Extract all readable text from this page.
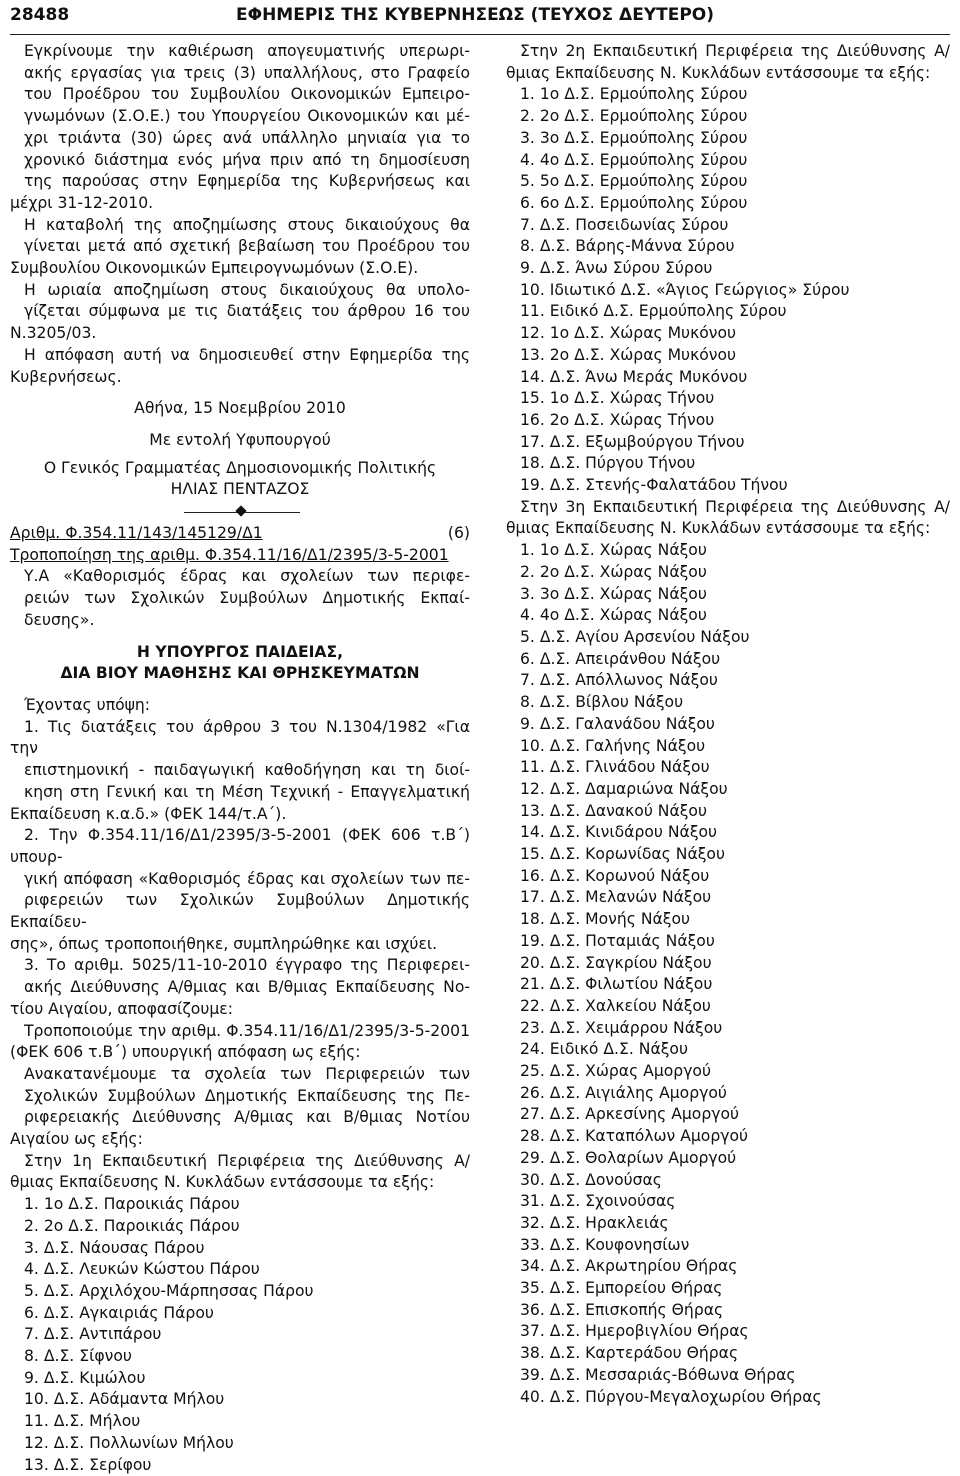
28488	ΕΦΗΜΕΡΙΣ ΤΗΣ ΚΥΒΕΡΝΗΣΕΩΣ (ΤΕΥΧΟΣ ΔΕΥΤΕΡΟ)

Εγκρίνουμε την καθιέρωση απογευματινής υπερωρι-

ακής εργασίας για τρεις (3) υπαλλήλους, στο Γραφείο

του Προέδρου του Συμβουλίου Οικονομικών Εμπειρο-

γνωμόνων (Σ.Ο.Ε.) του Υπουργείου Οικονομικών και μέ-

χρι τριάντα (30) ώρες ανά υπάλληλο μηνιαία για το

χρονικό διάστημα ενός μήνα πριν από τη δημοσίευση

της παρούσας στην Εφημερίδα της Κυβερνήσεως και

μέχρι 31-12-2010.

Η καταβολή της αποζημίωσης στους δικαιούχους θα

γίνεται μετά από σχετική βεβαίωση του Προέδρου του

Συμβουλίου Οικονομικών Εμπειρογνωμόνων (Σ.Ο.Ε).

Η ωριαία αποζημίωση στους δικαιούχους θα υπολο-

γίζεται σύμφωνα με τις διατάξεις του άρθρου 16 του

Ν.3205/03.

Η απόφαση αυτή να δημοσιευθεί στην Εφημερίδα της

Κυβερνήσεως.

Αθήνα, 15 Νοεμβρίου 2010

Με εντολή Υφυπουργού

Ο Γενικός Γραμματέας Δημοσιονομικής Πολιτικής

ΗΛΙΑΣ ΠΕΝΤΑΖΟΣ

Αριθμ. Φ.354.11/143/145129/Δ1	(6)

Τροποποίηση της αριθμ. Φ.354.11/16/Δ1/2395/3-5-2001

Υ.Α «Καθορισμός έδρας και σχολείων των περιφε-

ρειών των Σχολικών Συμβούλων Δημοτικής Εκπαί-

δευσης».

Η ΥΠΟΥΡΓΟΣ ΠΑΙΔΕΙΑΣ,

ΔΙΑ ΒΙΟΥ ΜΑΘΗΣΗΣ ΚΑΙ ΘΡΗΣΚΕΥΜΑΤΩΝ

Έχοντας υπόψη:

1. Τις διατάξεις του άρθρου 3 του Ν.1304/1982 «Για την

επιστημονική - παιδαγωγική καθοδήγηση και τη διοί-

κηση στη Γενική και τη Μέση Τεχνική - Επαγγελματική

Εκπαίδευση κ.α.δ.» (ΦΕΚ 144/τ.Α΄).

2. Την Φ.354.11/16/Δ1/2395/3-5-2001 (ΦΕΚ 606 τ.Β΄) υπουρ-

γική απόφαση «Καθορισμός έδρας και σχολείων των πε-

ριφερειών των Σχολικών Συμβούλων Δημοτικής Εκπαίδευ-

σης», όπως τροποποιήθηκε, συμπληρώθηκε και ισχύει.

3. Το αριθμ. 5025/11-10-2010 έγγραφο της Περιφερει-

ακής Διεύθυνσης Α/θμιας και Β/θμιας Εκπαίδευσης Νο-

τίου Αιγαίου, αποφασίζουμε:

Τροποποιούμε την αριθμ. Φ.354.11/16/Δ1/2395/3-5-2001

(ΦΕΚ 606 τ.Β΄) υπουργική απόφαση ως εξής:

Ανακατανέμουμε τα σχολεία των Περιφερειών των

Σχολικών Συμβούλων Δημοτικής Εκπαίδευσης της Πε-

ριφερειακής Διεύθυνσης Α/θμιας και Β/θμιας Νοτίου

Αιγαίου ως εξής:

Στην 1η Εκπαιδευτική Περιφέρεια της Διεύθυνσης Α/

θμιας Εκπαίδευσης Ν. Κυκλάδων εντάσσουμε τα εξής:

1. 1ο Δ.Σ. Παροικιάς Πάρου

2. 2ο Δ.Σ. Παροικιάς Πάρου

3. Δ.Σ. Νάουσας Πάρου

4. Δ.Σ. Λευκών Κώστου Πάρου

5. Δ.Σ. Αρχιλόχου-Μάρπησσας Πάρου

6. Δ.Σ. Αγκαιριάς Πάρου

7. Δ.Σ. Αντιπάρου

8. Δ.Σ. Σίφνου

9. Δ.Σ. Κιμώλου

10. Δ.Σ. Αδάμαντα Μήλου

11. Δ.Σ. Μήλου

12. Δ.Σ. Πολλωνίων Μήλου

13. Δ.Σ. Σερίφου

Στην 2η Εκπαιδευτική Περιφέρεια της Διεύθυνσης Α/

θμιας Εκπαίδευσης Ν. Κυκλάδων εντάσσουμε τα εξής:

1. 1ο Δ.Σ. Ερμούπολης Σύρου

2. 2ο Δ.Σ. Ερμούπολης Σύρου

3. 3ο Δ.Σ. Ερμούπολης Σύρου

4. 4ο Δ.Σ. Ερμούπολης Σύρου

5. 5ο Δ.Σ. Ερμούπολης Σύρου

6. 6ο Δ.Σ. Ερμούπολης Σύρου

7. Δ.Σ. Ποσειδωνίας Σύρου

8. Δ.Σ. Βάρης-Μάννα Σύρου

9. Δ.Σ. Άνω Σύρου Σύρου

10. Ιδιωτικό Δ.Σ. «Άγιος Γεώργιος» Σύρου

11. Ειδικό Δ.Σ. Ερμούπολης Σύρου

12. 1ο Δ.Σ. Χώρας Μυκόνου

13. 2ο Δ.Σ. Χώρας Μυκόνου

14. Δ.Σ. Άνω Μεράς Μυκόνου

15. 1ο Δ.Σ. Χώρας Τήνου

16. 2ο Δ.Σ. Χώρας Τήνου

17. Δ.Σ. Εξωμβούργου Τήνου

18. Δ.Σ. Πύργου Τήνου

19. Δ.Σ. Στενής-Φαλατάδου Τήνου

Στην 3η Εκπαιδευτική Περιφέρεια της Διεύθυνσης Α/

θμιας Εκπαίδευσης Ν. Κυκλάδων εντάσσουμε τα εξής:

1. 1ο Δ.Σ. Χώρας Νάξου

2. 2ο Δ.Σ. Χώρας Νάξου

3. 3ο Δ.Σ. Χώρας Νάξου

4. 4ο Δ.Σ. Χώρας Νάξου

5. Δ.Σ. Αγίου Αρσενίου Νάξου

6. Δ.Σ. Απειράνθου Νάξου

7. Δ.Σ. Απόλλωνος Νάξου

8. Δ.Σ. Βίβλου Νάξου

9. Δ.Σ. Γαλανάδου Νάξου

10. Δ.Σ. Γαλήνης Νάξου

11. Δ.Σ. Γλινάδου Νάξου

12. Δ.Σ. Δαμαριώνα Νάξου

13. Δ.Σ. Δανακού Νάξου

14. Δ.Σ. Κινιδάρου Νάξου

15. Δ.Σ. Κορωνίδας Νάξου

16. Δ.Σ. Κορωνού Νάξου

17. Δ.Σ. Μελανών Νάξου

18. Δ.Σ. Μονής Νάξου

19. Δ.Σ. Ποταμιάς Νάξου

20. Δ.Σ. Σαγκρίου Νάξου

21. Δ.Σ. Φιλωτίου Νάξου

22. Δ.Σ. Χαλκείου Νάξου

23. Δ.Σ. Χειμάρρου Νάξου

24. Ειδικό Δ.Σ. Νάξου

25. Δ.Σ. Χώρας Αμοργού

26. Δ.Σ. Αιγιάλης Αμοργού

27. Δ.Σ. Αρκεσίνης Αμοργού

28. Δ.Σ. Καταπόλων Αμοργού

29. Δ.Σ. Θολαρίων Αμοργού

30. Δ.Σ. Δονούσας

31. Δ.Σ. Σχοινούσας

32. Δ.Σ. Ηρακλειάς

33. Δ.Σ. Κουφονησίων

34. Δ.Σ. Ακρωτηρίου Θήρας

35. Δ.Σ. Εμπορείου Θήρας

36. Δ.Σ. Επισκοπής Θήρας

37. Δ.Σ. Ημεροβιγλίου Θήρας

38. Δ.Σ. Καρτεράδου Θήρας

39. Δ.Σ. Μεσσαριάς-Βόθωνα Θήρας

40. Δ.Σ. Πύργου-Μεγαλοχωρίου Θήρας
